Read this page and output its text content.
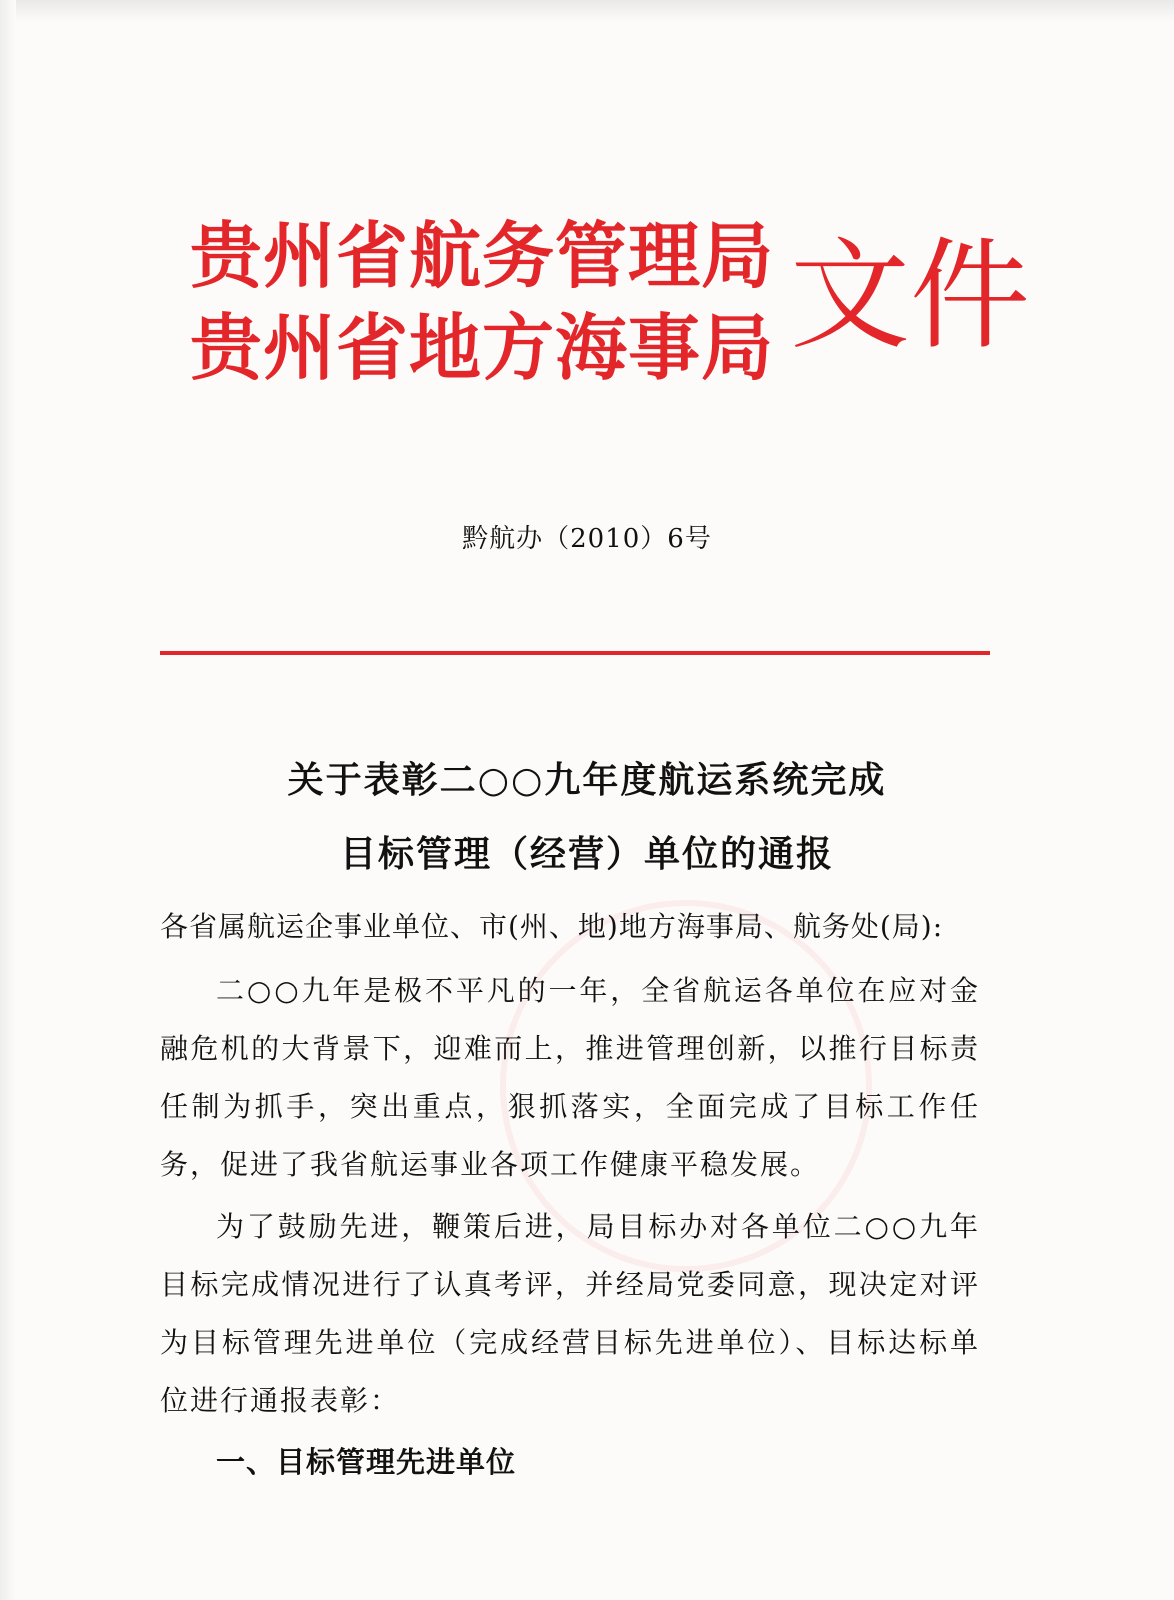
贵州省航务管理局
贵州省地方海事局 文件
黔航办（2010）6号
关于表彰二○○九年度航运系统完成
目标管理（经营）单位的通报
各省属航运企事业单位、市(州、地)地方海事局、航务处(局):
二○○九年是极不平凡的一年，全省航运各单位在应对金融危机的大背景下，迎难而上，推进管理创新，以推行目标责任制为抓手，突出重点，狠抓落实，全面完成了目标工作任务，促进了我省航运事业各项工作健康平稳发展。
为了鼓励先进，鞭策后进，局目标办对各单位二○○九年目标完成情况进行了认真考评，并经局党委同意，现决定对评为目标管理先进单位（完成经营目标先进单位）、目标达标单位进行通报表彰：
一、目标管理先进单位
